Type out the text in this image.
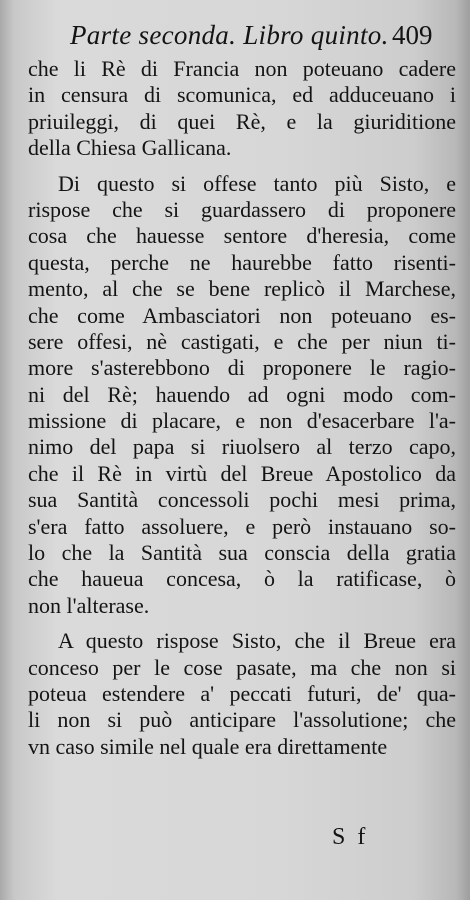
Parte seconda. Libro quinto. 409
che li Rè di Francia non poteuano cadere
in censura di scomunica, ed adduceuano i
priuileggi, di quei Rè, e la giuriditione
della Chiesa Gallicana.
Di questo si offese tanto più Sisto, e
rispose che si guardassero di proponere
cosa che hauesse sentore d'heresia, come
questa, perche ne haurebbe fatto risenti-
mento, al che se bene replicò il Marchese,
che come Ambasciatori non poteuano es-
sere offesi, nè castigati, e che per niun ti-
more s'asterebbono di proponere le ragio-
ni del Rè; hauendo ad ogni modo com-
missione di placare, e non d'esacerbare l'a-
nimo del papa si riuolsero al terzo capo,
che il Rè in virtù del Breue Apostolico da
sua Santità concessoli pochi mesi prima,
s'era fatto assoluere, e però instauano so-
lo che la Santità sua conscia della gratia
che haueua concesa, ò la ratificase, ò
non l'alterase.
A questo rispose Sisto, che il Breue era
conceso per le cose pasate, ma che non si
poteua estendere a' peccati futuri, de' qua-
li non si può anticipare l'assolutione; che
vn caso simile nel quale era direttamente
S f
